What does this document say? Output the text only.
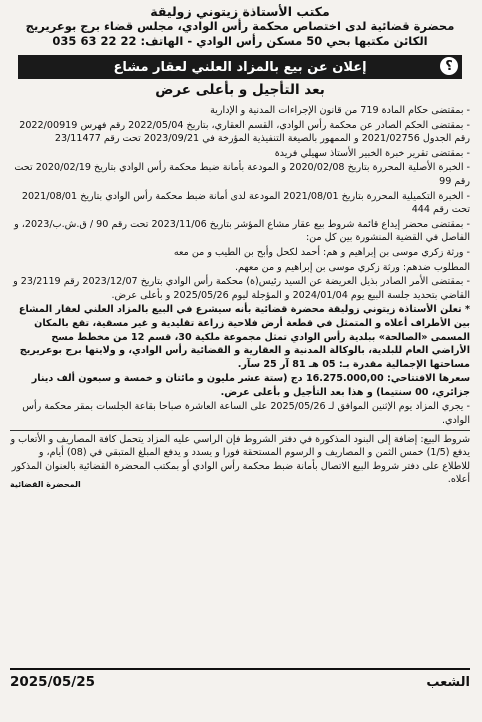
مكتب الأستاذة زيتوني زوليقة
محضرة قضائية لدى اختصاص محكمة رأس الوادي، مجلس قضاء برج بوعريريج
الكائن مكتبها بحي 50 مسكن رأس الوادي - الهاتف: 22 22 63 035
؟
إعلان عن بيع بالمزاد العلني لعقار مشاع
بعد التأجيل و بأعلى عرض

- بمقتضى حكام المادة 719 من قانون الإجراءات المدنية و الإدارية

- بمقتضى الحكم الصادر عن محكمة رأس الوادي، القسم العقاري، بتاريخ 2022/05/04 رقم فهرس 2022/00919 رقم الجدول 2021/02756 و الممهور بالصيغة التنفيذية المؤرخة في 2023/09/21 تحت رقم 23/11477

- بمقتضى تقرير خبرة الخبير الأستاذ سهيلي فريدة

- الخبرة الأصلية المحررة بتاريخ 2020/02/08 و المودعة بأمانة ضبط محكمة رأس الوادي بتاريخ 2020/02/19 تحت رقم 99

- الخبرة التكميلية المحررة بتاريخ 2021/08/01 المودعة لدى أمانة ضبط محكمة رأس الوادي بتاريخ 2021/08/01 تحت رقم 444

- بمقتضى محضر إيداع قائمة شروط بيع عقار مشاع المؤشر بتاريخ 2023/11/06 تحت رقم 90 / ق.ش.ب/2023، و الفاصل في القضية المنشورة بين كل من:

- ورثة زكري موسى بن إبراهيم و هم: أحمد لكحل وأبح بن الطيب و من معه

المطلوب ضدهم: ورثة زكري موسى بن إبراهيم و من معهم.

- بمقتضى الأمر الصادر بذيل العريضة عن السيد رئيس(ة) محكمة رأس الوادي بتاريخ 2023/12/07 رقم 23/2119 و القاضي بتحديد جلسة البيع يوم 2024/01/04 و المؤجلة ليوم 2025/05/26 و بأعلى عرض.

* تعلن الأستاذة زيتوني زوليقة محضرة قضائية بأنه سيشرع في البيع بالمزاد العلني لعقار المشاع بين الأطراف أعلاه و المتمثل في قطعة أرض فلاحية زراعة تقليدية و غير مسقية، تقع بالمكان المسمى «الصالحة» ببلدية رأس الوادي تمثل مجموعة ملكية 30، قسم 12 من مخطط مسح الأراضي العام للبلدية، بالوكالة المدنية و العقارية و القضائية رأس الوادي، و ولايتها برج بوعريريج مساحتها الإجمالية مقدرة بـ: 05 هـ 81 آر 25 سآر.

سعرها الافتتاحي: 16.275.000,00 دج (ستة عشر مليون و مائتان و خمسة و سبعون ألف دينار جزائري، 00 سنتيما) و هذا بعد التأجيل و بأعلى عرض.

- يجري المزاد يوم الإثنين الموافق لـ 2025/05/26 على الساعة العاشرة صباحا بقاعة الجلسات بمقر محكمة رأس الوادي.

شروط البيع: إضافة إلى البنود المذكورة في دفتر الشروط فإن الراسي عليه المزاد يتحمل كافة المصاريف و الأتعاب و يدفع (1/5) خمس الثمن و المصاريف و الرسوم المستحقة فورا و يسدد و يدفع المبلغ المتبقي في (08) أيام، و للاطلاع على دفتر شروط البيع الاتصال بأمانة ضبط محكمة رأس الوادي أو بمكتب المحضرة القضائية بالعنوان المذكور أعلاه.

المحضرة القضائية
الشعب
2025/05/25
